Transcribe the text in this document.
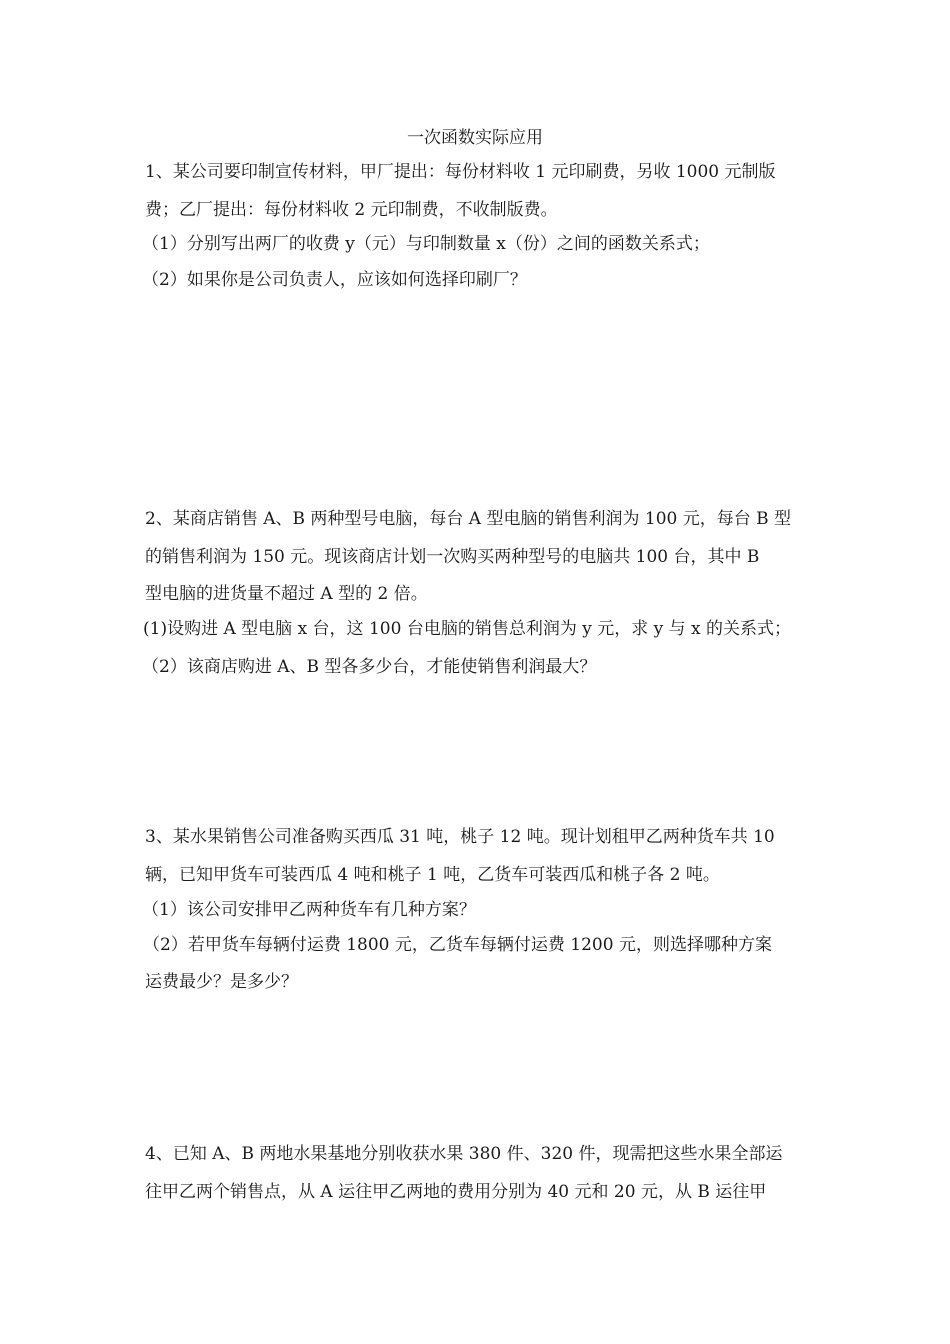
一次函数实际应用
1、某公司要印制宣传材料，甲厂提出：每份材料收 1 元印刷费，另收 1000 元制版
费；乙厂提出：每份材料收 2 元印制费，不收制版费。
（1）分别写出两厂的收费 y（元）与印制数量 x（份）之间的函数关系式；
（2）如果你是公司负责人，应该如何选择印刷厂？
2、某商店销售 A、B 两种型号电脑，每台 A 型电脑的销售利润为 100 元，每台 B 型
的销售利润为 150 元。现该商店计划一次购买两种型号的电脑共 100 台，其中 B
型电脑的进货量不超过 A 型的 2 倍。
(1)设购进 A 型电脑 x 台，这 100 台电脑的销售总利润为 y 元，求 y 与 x 的关系式；
（2）该商店购进 A、B 型各多少台，才能使销售利润最大？
3、某水果销售公司准备购买西瓜 31 吨，桃子 12 吨。现计划租甲乙两种货车共 10
辆，已知甲货车可装西瓜 4 吨和桃子 1 吨，乙货车可装西瓜和桃子各 2 吨。
（1）该公司安排甲乙两种货车有几种方案？
（2）若甲货车每辆付运费 1800 元，乙货车每辆付运费 1200 元，则选择哪种方案
运费最少？是多少？
4、已知 A、B 两地水果基地分别收获水果 380 件、320 件，现需把这些水果全部运
往甲乙两个销售点，从 A 运往甲乙两地的费用分别为 40 元和 20 元，从 B 运往甲
